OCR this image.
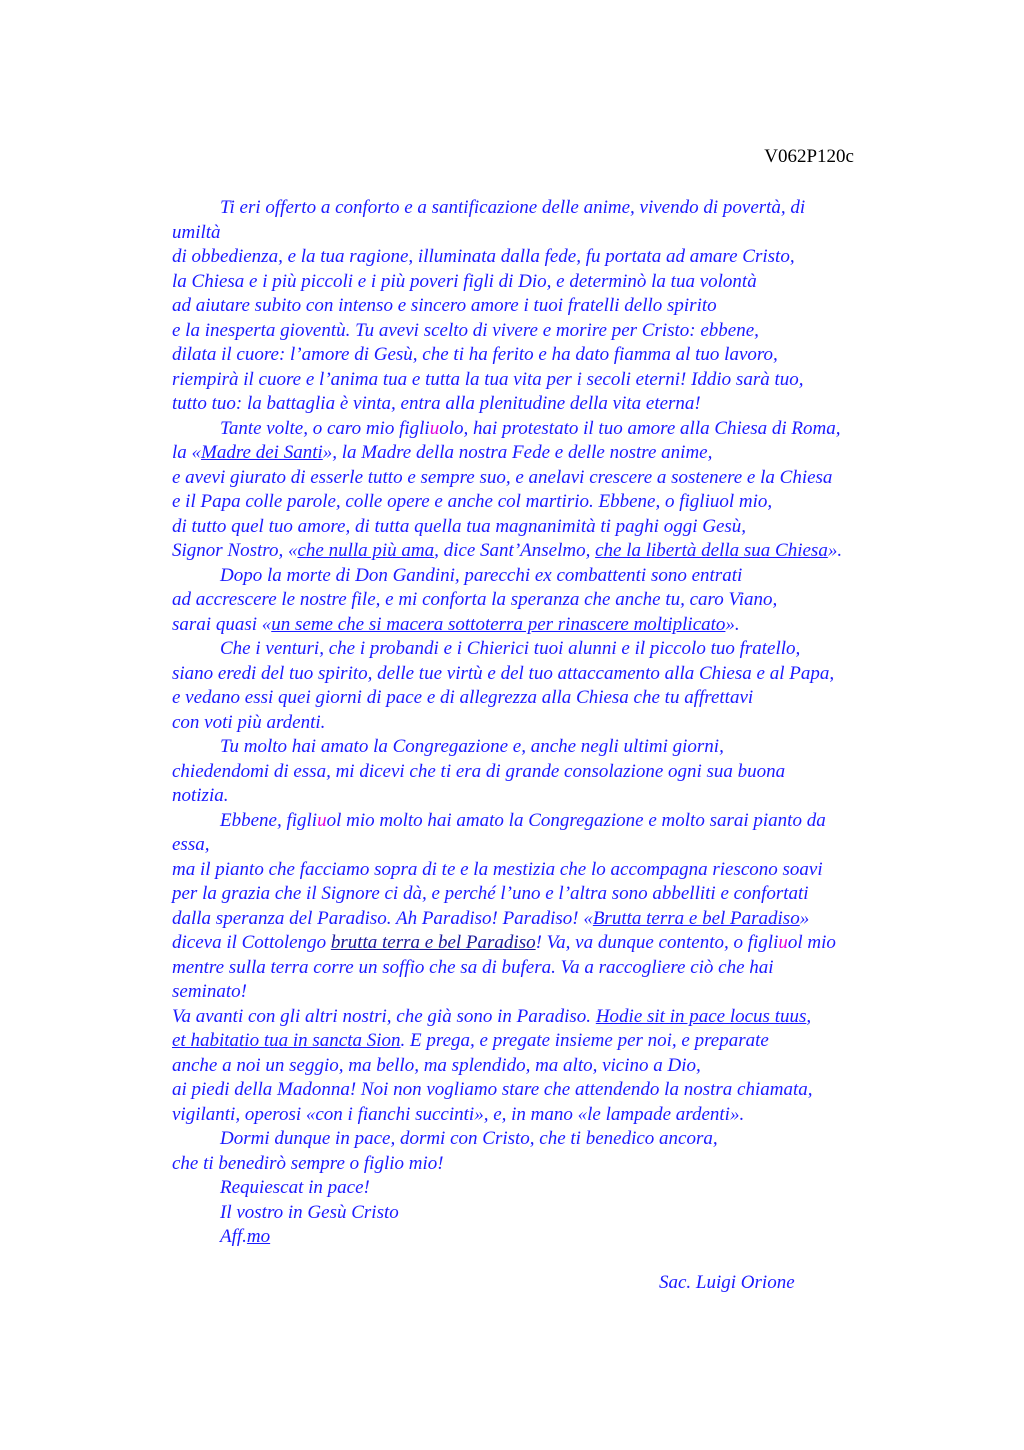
V062P120c
Ti eri offerto a conforto e a santificazione delle anime, vivendo di povertà, di
umiltà
di obbedienza, e la tua ragione, illuminata dalla fede, fu portata ad amare Cristo,
la Chiesa e i più piccoli e i più poveri figli di Dio, e determinò la tua volontà
ad aiutare subito con intenso e sincero amore i tuoi fratelli dello spirito
e la inesperta gioventù. Tu avevi scelto di vivere e morire per Cristo: ebbene,
dilata il cuore: l’amore di Gesù, che ti ha ferito e ha dato fiamma al tuo lavoro,
riempirà il cuore e l’anima tua e tutta la tua vita per i secoli eterni! Iddio sarà tuo,
tutto tuo: la battaglia è vinta, entra alla plenitudine della vita eterna!
Tante volte, o caro mio figliuolo, hai protestato il tuo amore alla Chiesa di Roma,
la «Madre dei Santi», la Madre della nostra Fede e delle nostre anime,
e avevi giurato di esserle tutto e sempre suo, e anelavi crescere a sostenere e la Chiesa
e il Papa colle parole, colle opere e anche col martirio. Ebbene, o figliuol mio,
di tutto quel tuo amore, di tutta quella tua magnanimità ti paghi oggi Gesù,
Signor Nostro, «che nulla più ama, dice Sant’Anselmo, che la libertà della sua Chiesa».
Dopo la morte di Don Gandini, parecchi ex combattenti sono entrati
ad accrescere le nostre file, e mi conforta la speranza che anche tu, caro Viano,
sarai quasi «un seme che si macera sottoterra per rinascere moltiplicato».
Che i venturi, che i probandi e i Chierici tuoi alunni e il piccolo tuo fratello,
siano eredi del tuo spirito, delle tue virtù e del tuo attaccamento alla Chiesa e al Papa,
e vedano essi quei giorni di pace e di allegrezza alla Chiesa che tu affrettavi
con voti più ardenti.
Tu molto hai amato la Congregazione e, anche negli ultimi giorni,
chiedendomi di essa, mi dicevi che ti era di grande consolazione ogni sua buona
notizia.
Ebbene, figliuol mio molto hai amato la Congregazione e molto sarai pianto da
essa,
ma il pianto che facciamo sopra di te e la mestizia che lo accompagna riescono soavi
per la grazia che il Signore ci dà, e perché l’uno e l’altra sono abbelliti e confortati
dalla speranza del Paradiso. Ah Paradiso! Paradiso! «Brutta terra e bel Paradiso»
diceva il Cottolengo brutta terra e bel Paradiso! Va, va dunque contento, o figliuol mio
mentre sulla terra corre un soffio che sa di bufera. Va a raccogliere ciò che hai
seminato!
Va avanti con gli altri nostri, che già sono in Paradiso. Hodie sit in pace locus tuus,
et habitatio tua in sancta Sion. E prega, e pregate insieme per noi, e preparate
anche a noi un seggio, ma bello, ma splendido, ma alto, vicino a Dio,
ai piedi della Madonna! Noi non vogliamo stare che attendendo la nostra chiamata,
vigilanti, operosi «con i fianchi succinti», e, in mano «le lampade ardenti».
Dormi dunque in pace, dormi con Cristo, che ti benedico ancora,
che ti benedirò sempre o figlio mio!
Requiescat in pace!
Il vostro in Gesù Cristo
Aff.mo
Sac. Luigi Orione
